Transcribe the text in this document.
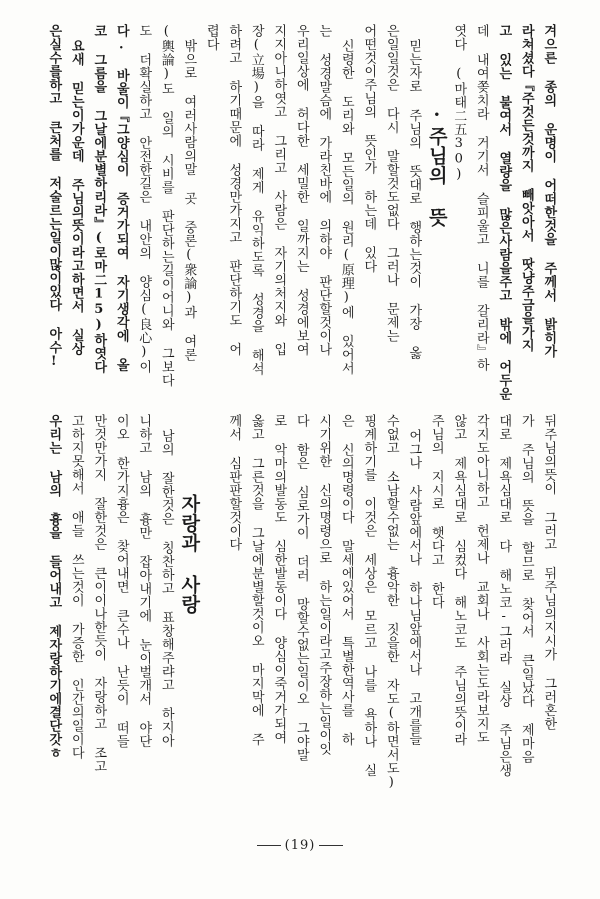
겨으른 종의 운명이 어떠한것을 주께서 밝히가
라쳐셨다『주것든것까지 빼앗아서 땃냥주금을가지
고 있는 불여서 열량을 많은사람을주고 밖에 어두운
데 내여쫒치라 거기서 슬피울고 니를 갈리라』하
엿다 (마태二五30)
·주님의 뜻
믿는자로 주님의 뜻대로 행하는것이 가장 옳
은일일것은 다시 말할것도없다 그러나 문제는
어떤것이주님의 뜻인가 하는데 있다
신령한 도리와 모든일의 원리(原理)에 있어서
는 성경말슴에 가라친바에 의하야 판단할것이나
우리일상에 허다한 세밀한 일까지는 성경에보여
지지아니하엿고 그리고 사람은 자기의처지와 입
장(立場)을 따라 제게 유익하도록 성경을 해석
하려고 하기때문에 성경만가지고 판단하기도 어
렵다
밖으로 여러사람의말 곳 중론(衆論)과 여론
(輿論)도 일의 시비를 판단하는길이어니와 그보다
도 더확실하고 안전한길은 내안의 양심(良心)이
다. 바울이『그양심이 증거가되여 자기생각에 올
코 그름을 그날에분별하리라』(로마二15)하엿다
요새 믿는이가운데 주님의뜻이라고하면서 실상
은실수를하고 큰처를 저술르는일이많이있다 아수!
뒤주님의뜻이 그러고 뒤주님의지시가 그러혼한
가 주님의 뜻을 할므로 찾어서 큰일났다 제마음
대로 제욕심대로 다 해노코-그러라 실상 주님은생
각지도아니하고 헌제나 교회나 사회는도라보지도
않고 제욕심대로 심컸다 해노코도 주님의뜻이라
주님의 지시로 햇다고 한다
어그나 사람앞에서나 하나님앞에서나 고개를들
수없고 소남할수없는 흉악한 짓을한 자도(하면서도)
핑계하기를 이것은 세상은 모르고 나를 욕하나 실
은 신의명령이다 말세에있어서 특별한역사를 하
시기위한 신의명령으로 하는일이라고주장하는일이잇
다 함은 심로가이 더러 망할수없는일이오 그야말
로 악마의발동도 심한발동이다 양심이죽거가되여
옳고 그른것을 그날에분별할것이오 마지막에 주
께서 심판판할것이다
자랑과 사랑
남의 잘한것은 칭찬하고 표창해주랴고 하지아
니하고 남의 흉만 잡아내기에 눈이벌개서 야단
이오 한가지흉은 찾어내면 큰수나 난듯이 떠들
만것만가지 잘한것은 큰이이나한듯이 자랑하고 조고
고하지못해서 애들 쓰는것이 가증한 인간의일이다
우리는 남의 흉을 들어내고 제자랑하기에결단갓ㅎ
(19)
